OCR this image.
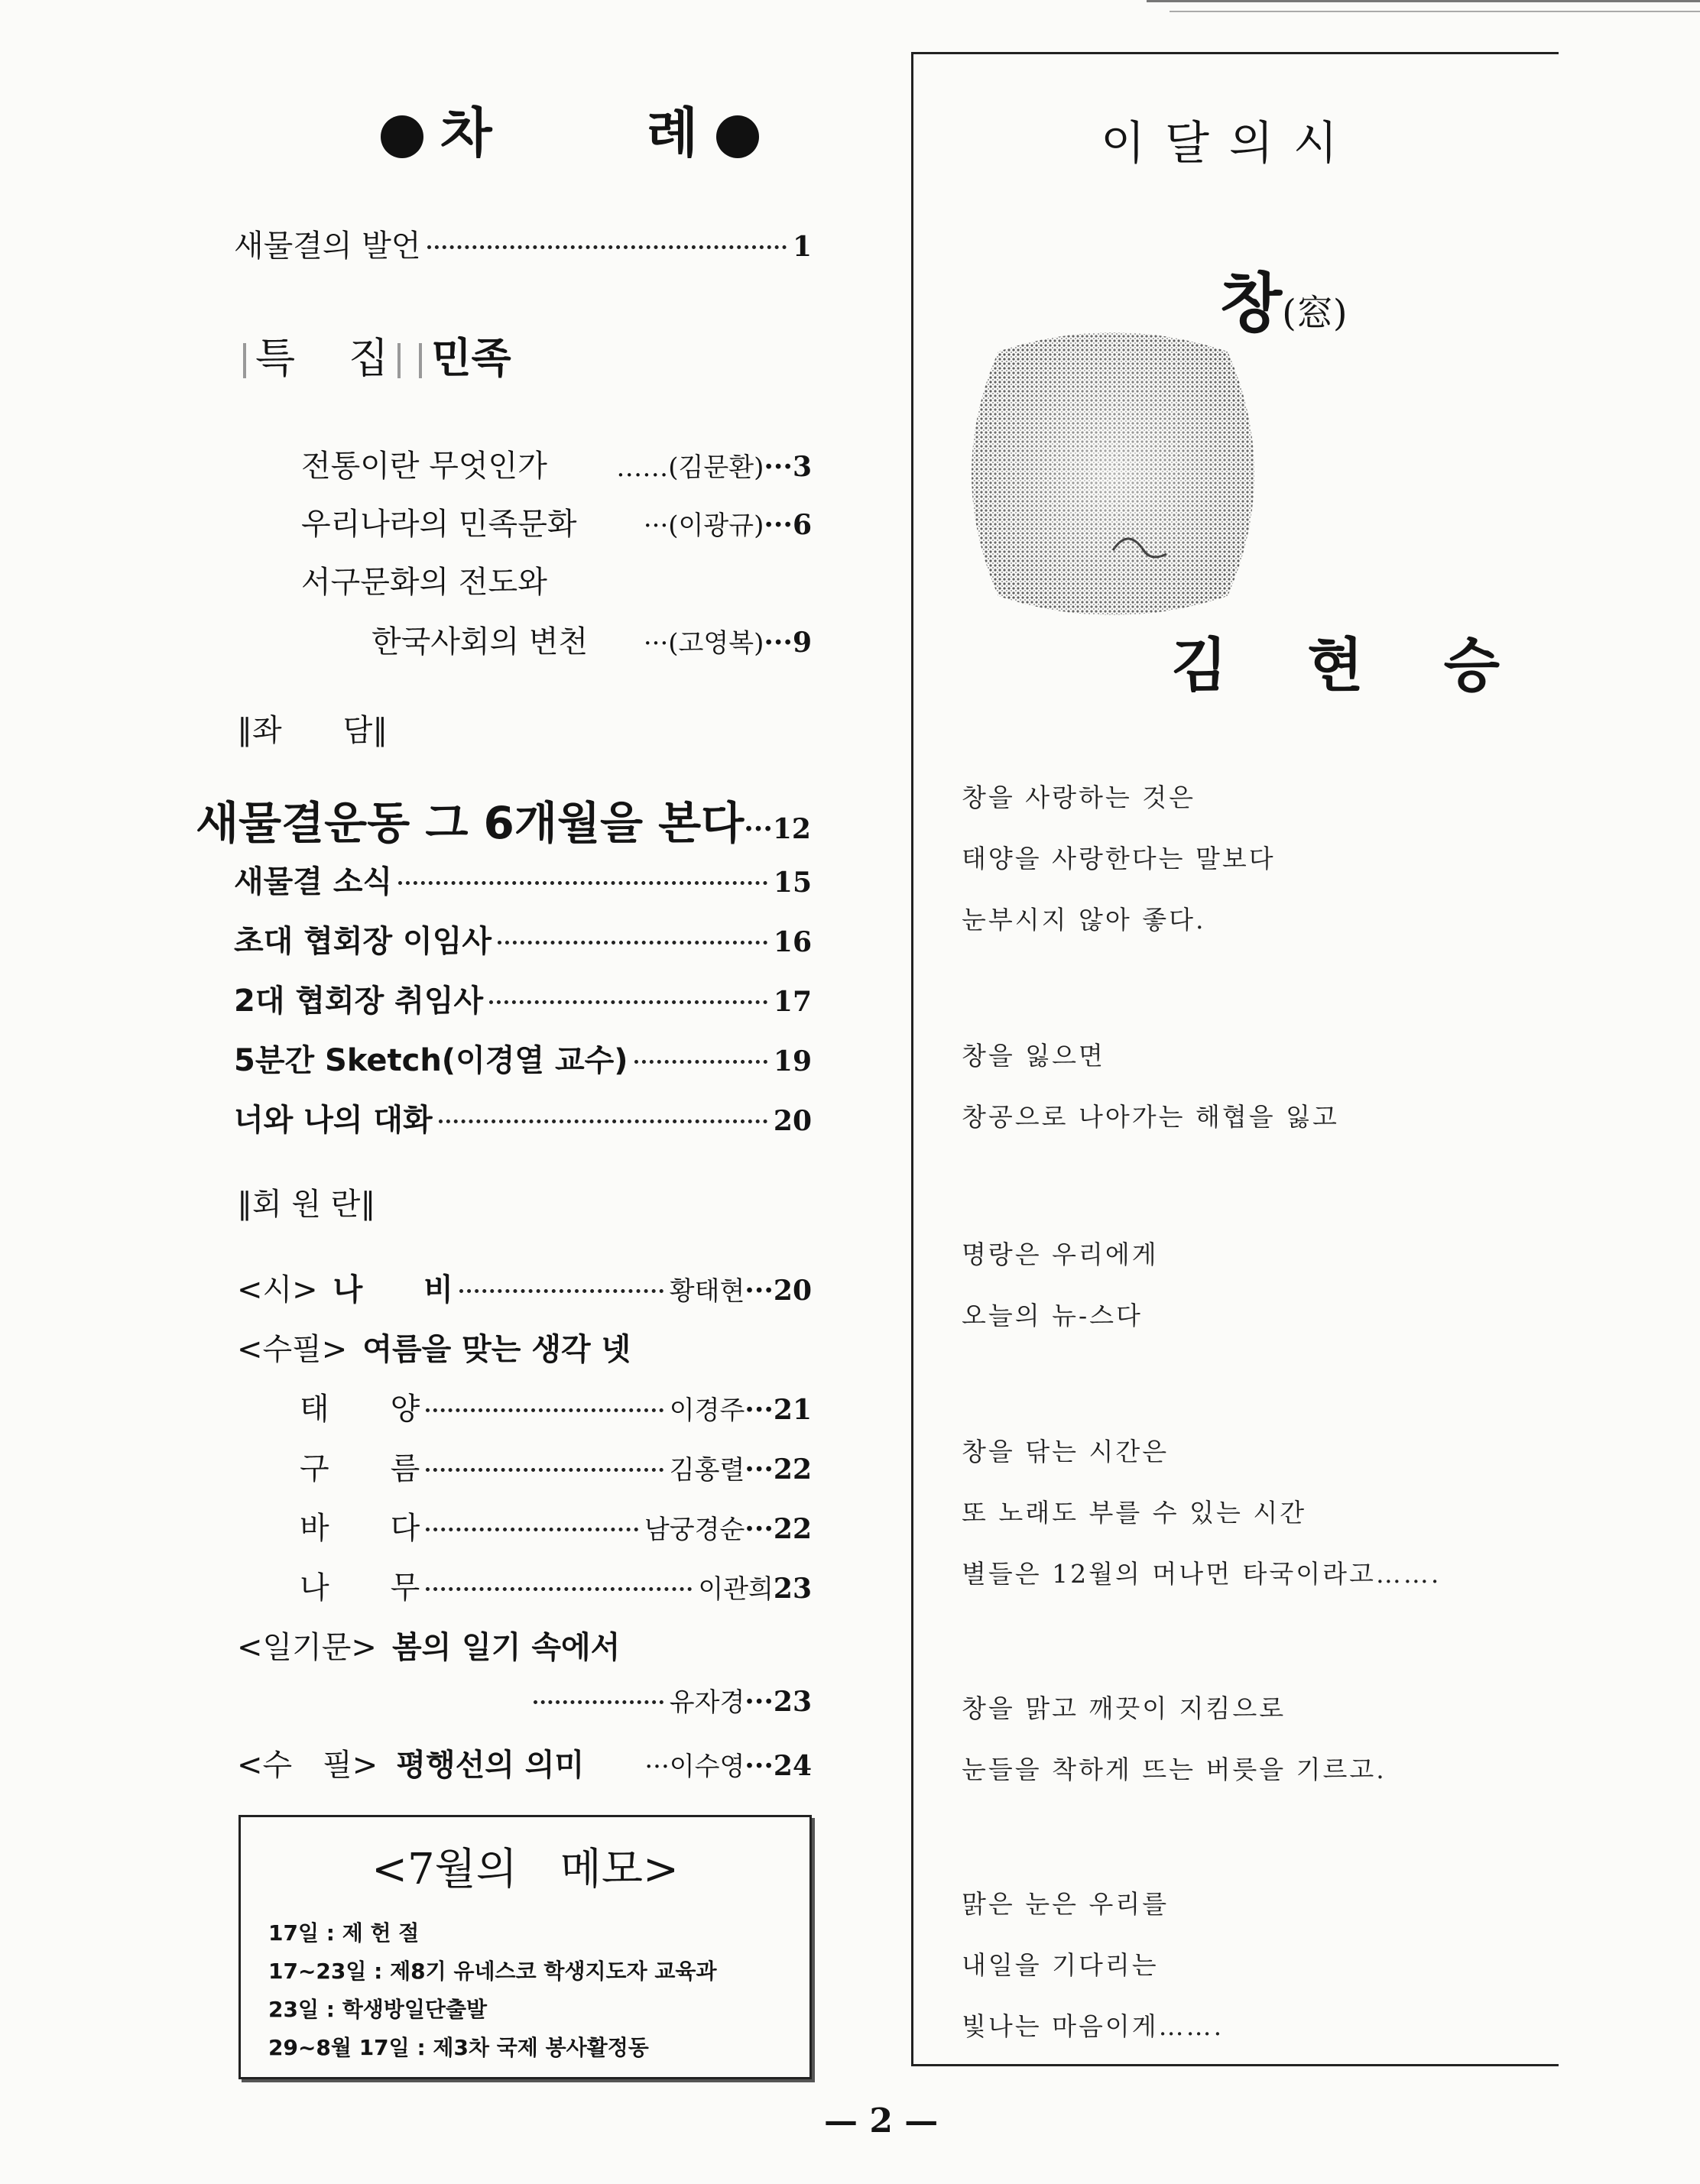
차	례
새물결의 발언	1
특 집 민족
전통이란 무엇인가	……(김문환) ···3
우리나라의 민족문화	···(이광규) ···6
서구문화의 전도와
한국사회의 변천 ···(고영복) ···9
∥좌　　담∥
새물결운동 그 6개월을 본다 ···12
새물결 소식	15
초대 협회장 이임사	16
2대 협회장 취임사	17
5분간 Sketch(이경열 교수)	19
너와 나의 대화	20
∥회 원 란∥
<시> 나　　비	황태현 ···20
<수필> 여름을 맞는 생각 넷
태　　양	이경주 ···21
구　　름	김홍렬 ···22
바　　다	남궁경순 ···22
나　　무	이관희 23
<일기문> 봄의 일기 속에서
유자경 ···23
<수　필> 평행선의 의미 ···이수영 ···24
<7월의　메모>
17일 : 제 헌 절
17~23일 : 제8기 유네스코 학생지도자 교육과
23일 : 학생방일단출발
29~8월 17일 : 제3차 국제 봉사활정동
이달의시
창(窓)
김 현 승
창을 사랑하는 것은
태양을 사랑한다는 말보다
눈부시지 않아 좋다.
창을 잃으면
창공으로 나아가는 해협을 잃고
명랑은 우리에게
오늘의 뉴-스다
창을 닦는 시간은
또 노래도 부를 수 있는 시간
별들은 12월의 머나먼 타국이라고…….
창을 맑고 깨끗이 지킴으로
눈들을 착하게 뜨는 버릇을 기르고.
맑은 눈은 우리를
내일을 기다리는
빛나는 마음이게…….
— 2 —
